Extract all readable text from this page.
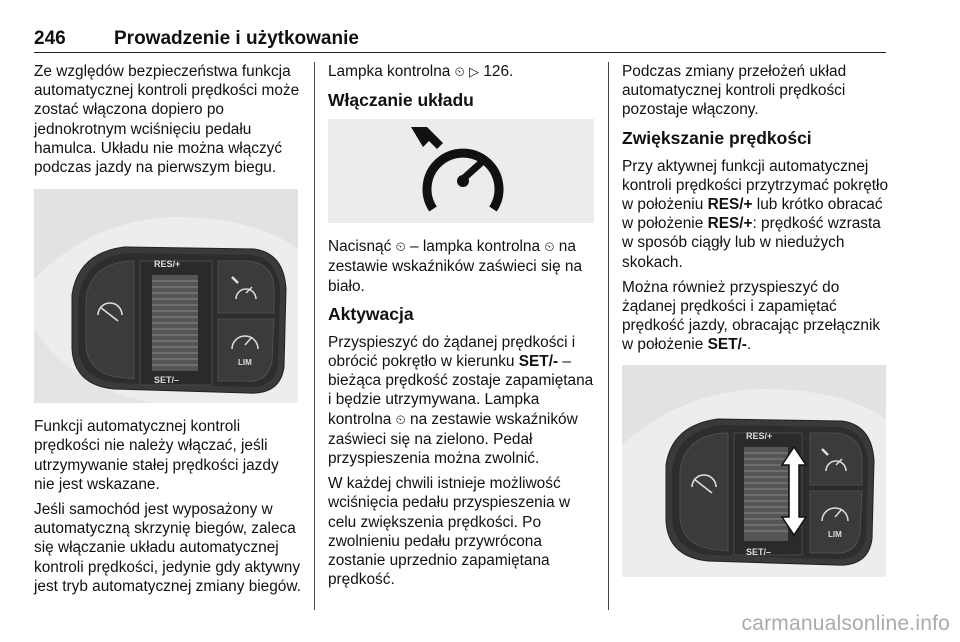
246	Prowadzenie i użytkowanie

Ze względów bezpieczeństwa funkcja automatycznej kontroli prędkości może zostać włączona dopiero po jednokrotnym wciśnięciu pedału hamulca. Układu nie można włączyć podczas jazdy na pierwszym biegu.

RES/+
SET/–
LIM

Funkcji automatycznej kontroli prędkości nie należy włączać, jeśli utrzymywanie stałej prędkości jazdy nie jest wskazane.

Jeśli samochód jest wyposażony w automatyczną skrzynię biegów, zaleca się włączanie układu automatycznej kontroli prędkości, jedynie gdy aktywny jest tryb automatycznej zmiany biegów.

Lampka kontrolna ⏲ ▷ 126.

Włączanie układu

Nacisnąć ⏲ – lampka kontrolna ⏲ na zestawie wskaźników zaświeci się na biało.

Aktywacja

Przyspieszyć do żądanej prędkości i obrócić pokrętło w kierunku SET/- – bieżąca prędkość zostaje zapamiętana i będzie utrzymywana. Lampka kontrolna ⏲ na zestawie wskaźników zaświeci się na zielono. Pedał przyspieszenia można zwolnić.

W każdej chwili istnieje możliwość wciśnięcia pedału przyspieszenia w celu zwiększenia prędkości. Po zwolnieniu pedału przywrócona zostanie uprzednio zapamiętana prędkość.

Podczas zmiany przełożeń układ automatycznej kontroli prędkości pozostaje włączony.

Zwiększanie prędkości

Przy aktywnej funkcji automatycznej kontroli prędkości przytrzymać pokrętło w położeniu RES/+ lub krótko obracać w położenie RES/+: prędkość wzrasta w sposób ciągły lub w niedużych skokach.

Można również przyspieszyć do żądanej prędkości i zapamiętać prędkość jazdy, obracając przełącznik w położenie SET/-.

RES/+
SET/–
LIM
carmanualsonline.info
